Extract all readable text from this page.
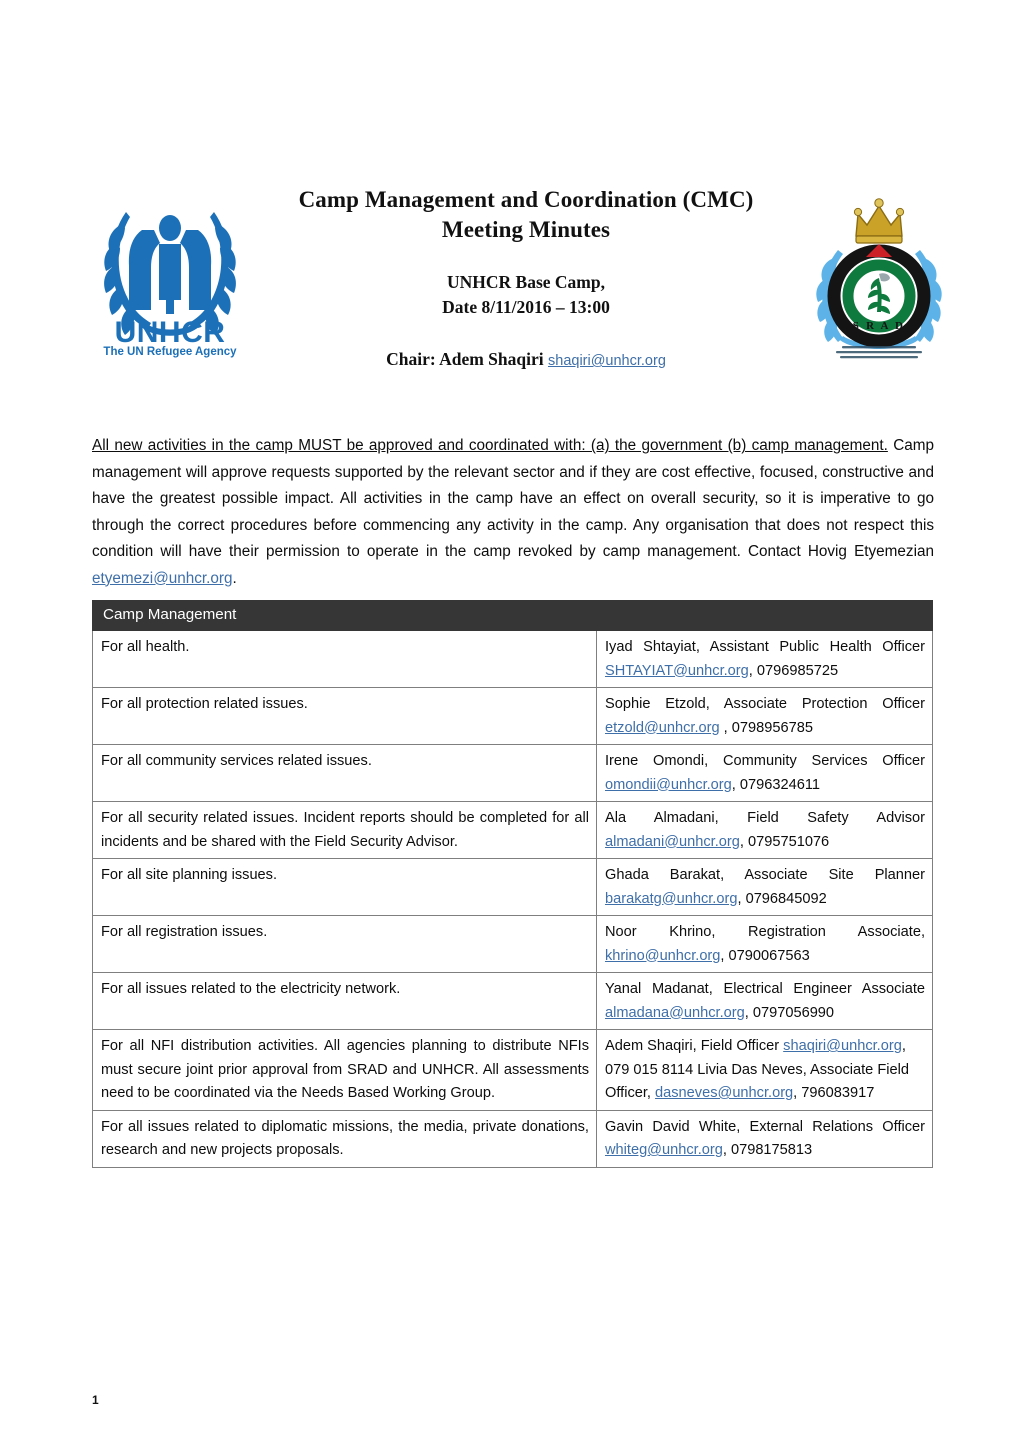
UNHCR
The UN Refugee Agency
Camp Management and Coordination (CMC)
Meeting Minutes
UNHCR Base Camp,
Date 8/11/2016 – 13:00
Chair: Adem Shaqiri shaqiri@unhcr.org
S R A D

All new activities in the camp MUST be approved and coordinated with: (a) the government (b) camp management. Camp management will approve requests supported by the relevant sector and if they are cost effective, focused, constructive and have the greatest possible impact. All activities in the camp have an effect on overall security, so it is imperative to go through the correct procedures before commencing any activity in the camp. Any organisation that does not respect this condition will have their permission to operate in the camp revoked by camp management. Contact Hovig Etyemezian etyemezi@unhcr.org.

Camp Management	
For all health.	Iyad Shtayiat, Assistant Public Health Officer SHTAYIAT@unhcr.org, 0796985725
For all protection related issues.	Sophie Etzold, Associate Protection Officer etzold@unhcr.org , 0798956785
For all community services related issues.	Irene Omondi, Community Services Officer omondii@unhcr.org, 0796324611
For all security related issues. Incident reports should be completed for all incidents and be shared with the Field Security Advisor.	Ala Almadani, Field Safety Advisor almadani@unhcr.org, 0795751076
For all site planning issues.	Ghada Barakat, Associate Site Planner barakatg@unhcr.org, 0796845092
For all registration issues.	Noor Khrino, Registration Associate, khrino@unhcr.org, 0790067563
For all issues related to the electricity network.	Yanal Madanat, Electrical Engineer Associate almadana@unhcr.org, 0797056990
For all NFI distribution activities. All agencies planning to distribute NFIs must secure joint prior approval from SRAD and UNHCR. All assessments need to be coordinated via the Needs Based Working Group.	Adem Shaqiri, Field Officer shaqiri@unhcr.org, 079 015 8114 Livia Das Neves, Associate Field Officer, dasneves@unhcr.org, 796083917
For all issues related to diplomatic missions, the media, private donations, research and new projects proposals.	Gavin David White, External Relations Officer whiteg@unhcr.org, 0798175813
1
